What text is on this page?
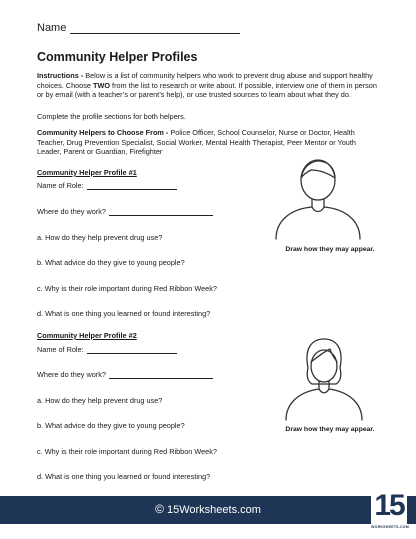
Name
Community Helper Profiles
Instructions - Below is a list of community helpers who work to prevent drug abuse and support healthy choices. Choose TWO from the list to research or write about. If possible, interview one of them in person or by email (with a teacher’s or parent’s help), or use trusted sources to learn about what they do.
Complete the profile sections for both helpers.
Community Helpers to Choose From - Police Officer, School Counselor, Nurse or Doctor, Health Teacher, Drug Prevention Specialist, Social Worker, Mental Health Therapist, Peer Mentor or Youth Leader, Parent or Guardian, Firefighter
Community Helper Profile #1
Name of Role:
Where do they work?
a. How do they help prevent drug use?
b. What advice do they give to young people?
c. Why is their role important during Red Ribbon Week?
d. What is one thing you learned or found interesting?
Draw how they may appear.
Community Helper Profile #2
Name of Role:
Where do they work?
a. How do they help prevent drug use?
b. What advice do they give to young people?
c. Why is their role important during Red Ribbon Week?
d. What is one thing you learned or found interesting?
Draw how they may appear.
© 15Worksheets.com	15
WORKSHEETS.COM
